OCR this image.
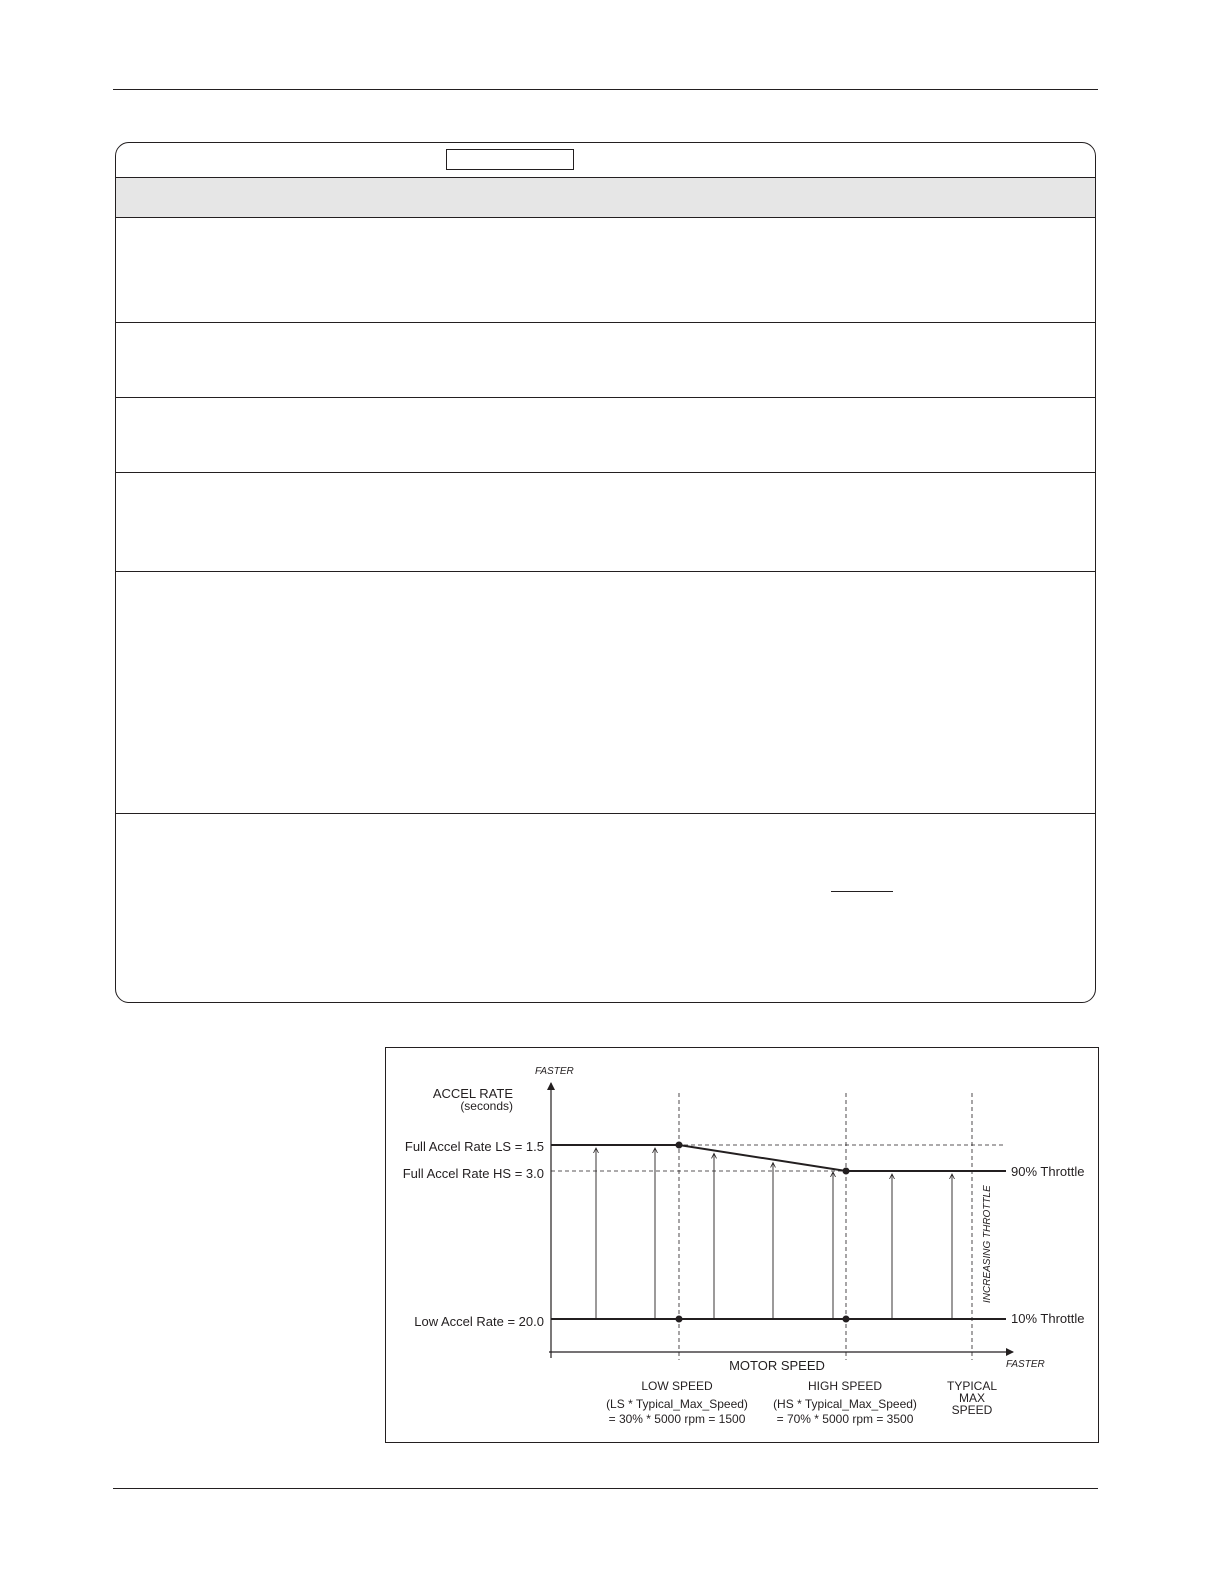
FASTER
ACCEL RATE
(seconds)
Full Accel Rate LS = 1.5
Full Accel Rate HS = 3.0
Low Accel Rate = 20.0
90% Throttle
10% Throttle
INCREASING THROTTLE
MOTOR SPEED	FASTER
LOW SPEED
(LS * Typical_Max_Speed)
= 30% * 5000 rpm = 1500
HIGH SPEED
(HS * Typical_Max_Speed)
= 70% * 5000 rpm = 3500
TYPICAL
MAX
SPEED
